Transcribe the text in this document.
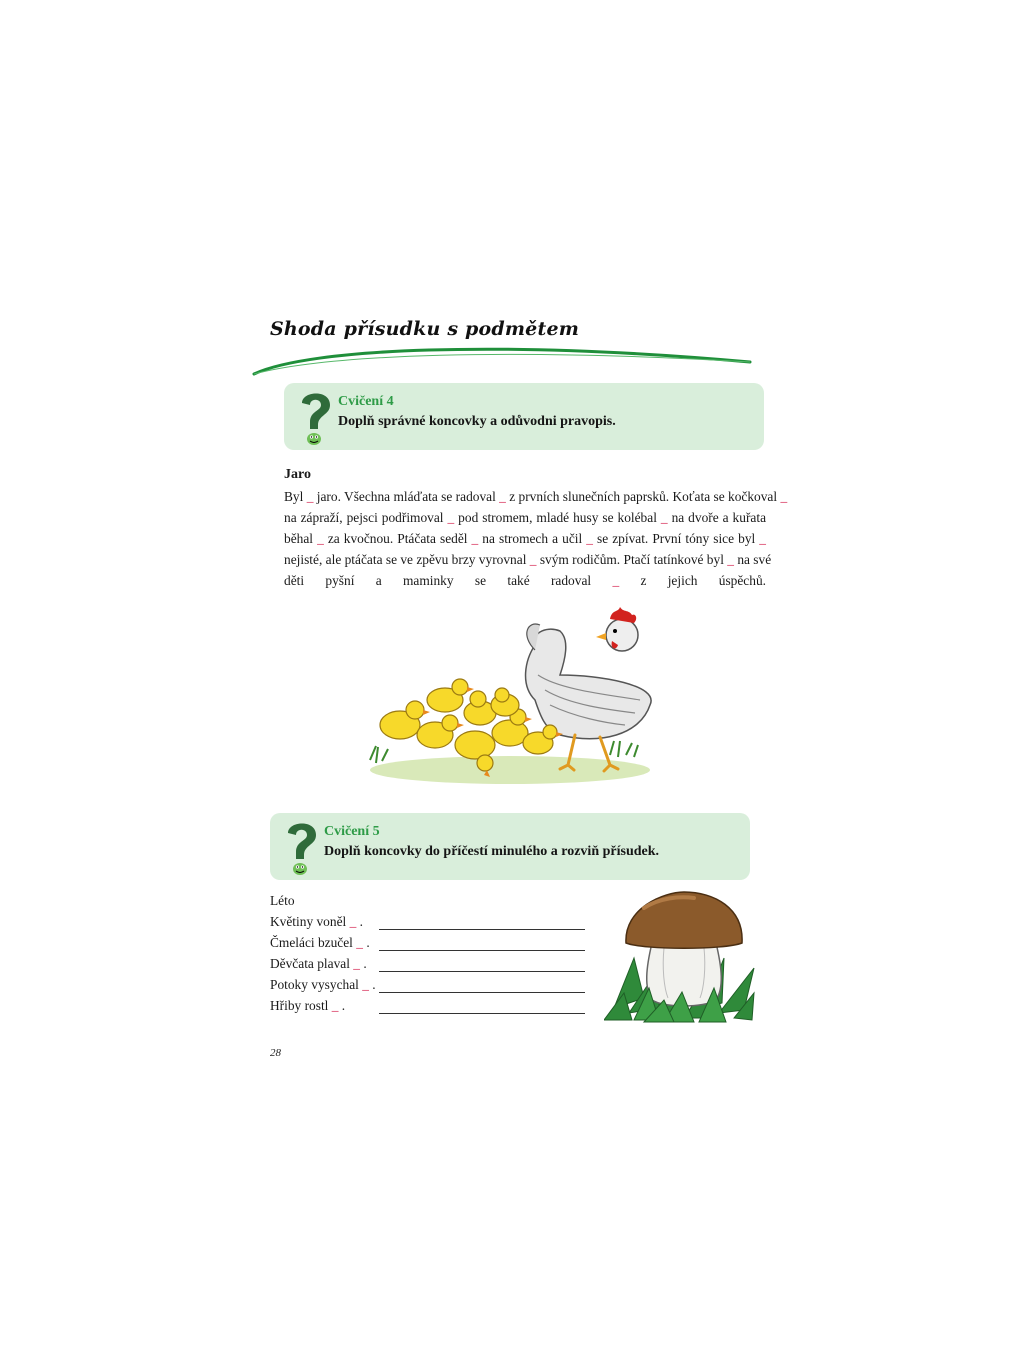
Shoda přísudku s podmětem
Cvičení 4
Doplň správné koncovky a odůvodni pravopis.
Jaro
Byl _ jaro. Všechna mláďata se radoval _ z prvních slunečních paprsků. Koťata se kočkoval _
na zápraží, pejsci podřimoval _ pod stromem, mladé husy se kolébal _ na dvoře a kuřata
běhal _ za kvočnou. Ptáčata seděl _ na stromech a učil _ se zpívat. První tóny sice byl _
nejisté, ale ptáčata se ve zpěvu brzy vyrovnal _ svým rodičům. Ptačí tatínkové byl _ na své
děti pyšní a maminky se také radoval _ z jejich úspěchů.
Cvičení 5
Doplň koncovky do příčestí minulého a rozviň přísudek.
Léto
Květiny voněl _ .
Čmeláci bzučel _ .
Děvčata plaval _ .
Potoky vysychal _ .
Hřiby rostl _ .
28
